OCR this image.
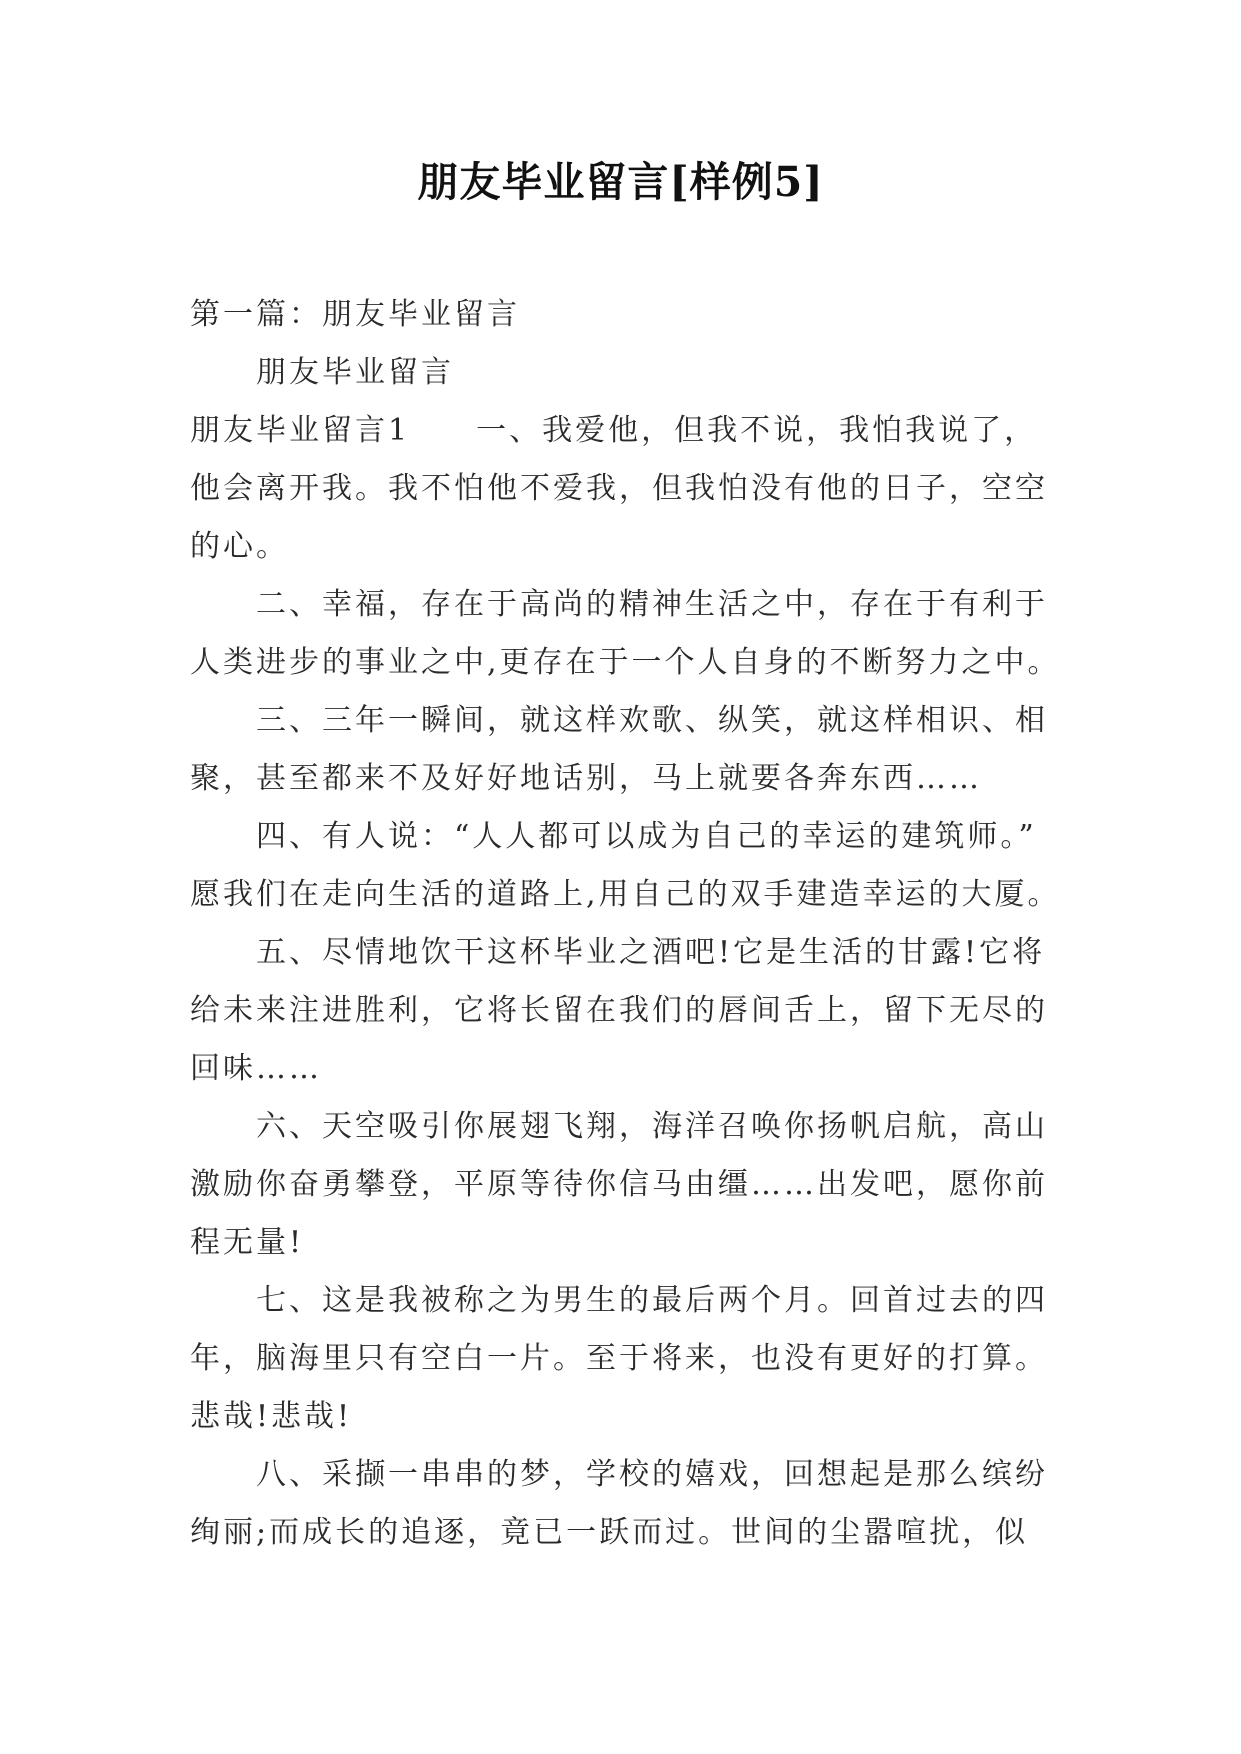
朋友毕业留言[样例5]
第一篇：朋友毕业留言
朋友毕业留言
朋友毕业留言1　　一、我爱他，但我不说，我怕我说了，
他会离开我。我不怕他不爱我，但我怕没有他的日子，空空
的心。
二、幸福，存在于高尚的精神生活之中，存在于有利于
人类进步的事业之中,更存在于一个人自身的不断努力之中。
三、三年一瞬间，就这样欢歌、纵笑，就这样相识、相
聚，甚至都来不及好好地话别，马上就要各奔东西……
四、有人说：“人人都可以成为自己的幸运的建筑师。”
愿我们在走向生活的道路上,用自己的双手建造幸运的大厦。
五、尽情地饮干这杯毕业之酒吧!它是生活的甘露!它将
给未来注进胜利，它将长留在我们的唇间舌上，留下无尽的
回味……
六、天空吸引你展翅飞翔，海洋召唤你扬帆启航，高山
激励你奋勇攀登，平原等待你信马由缰……出发吧，愿你前
程无量!
七、这是我被称之为男生的最后两个月。回首过去的四
年，脑海里只有空白一片。至于将来，也没有更好的打算。
悲哉!悲哉!
八、采撷一串串的梦，学校的嬉戏，回想起是那么缤纷
绚丽;而成长的追逐，竟已一跃而过。世间的尘嚣喧扰，似
